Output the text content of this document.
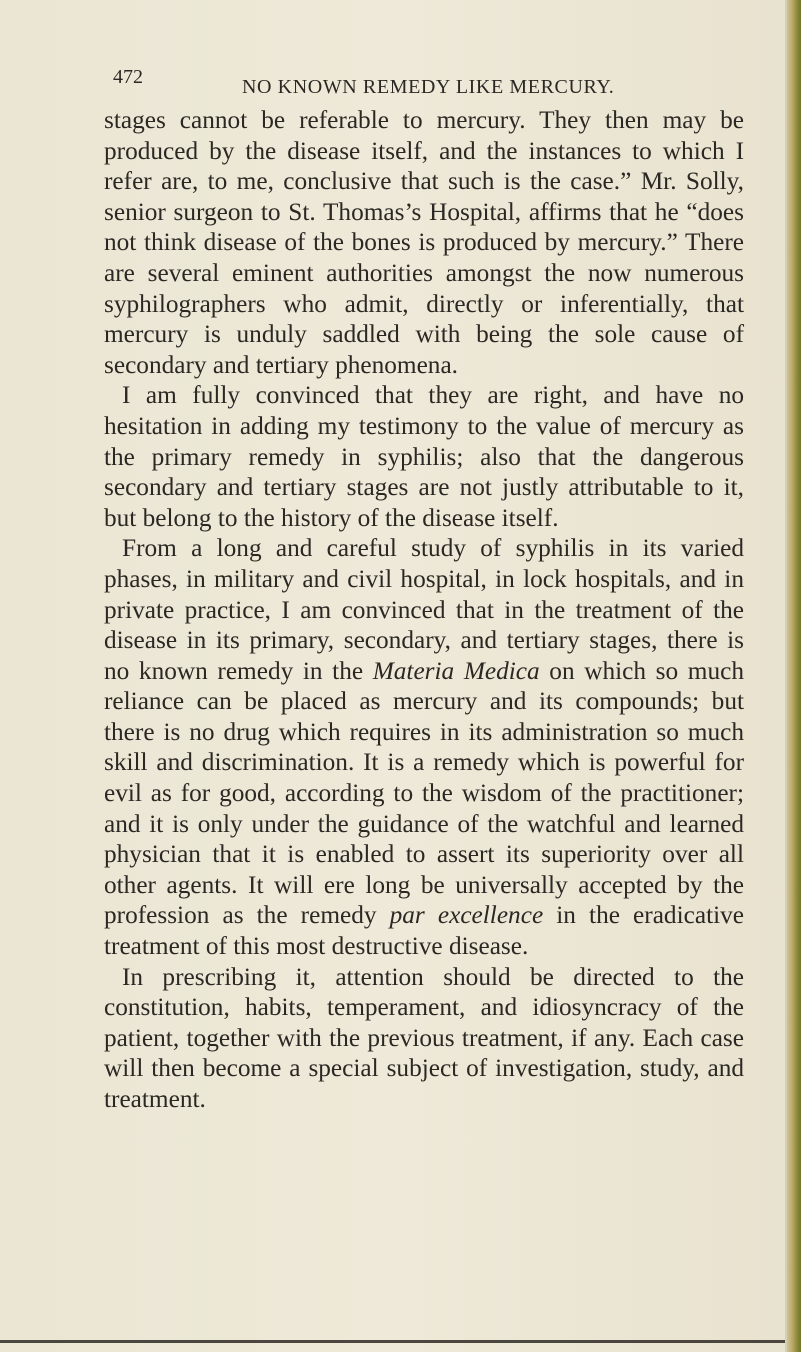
472	NO KNOWN REMEDY LIKE MERCURY.

stages cannot be referable to mercury. They then may be produced by the disease itself, and the instances to which I refer are, to me, conclusive that such is the case.” Mr. Solly, senior surgeon to St. Thomas’s Hospital, affirms that he “does not think disease of the bones is produced by mercury.” There are several eminent authorities amongst the now numerous syphilographers who admit, directly or inferentially, that mercury is unduly saddled with being the sole cause of secondary and tertiary phenomena.

I am fully convinced that they are right, and have no hesitation in adding my testimony to the value of mercury as the primary remedy in syphilis; also that the dangerous secondary and tertiary stages are not justly attributable to it, but belong to the history of the disease itself.

From a long and careful study of syphilis in its varied phases, in military and civil hospital, in lock hospitals, and in private practice, I am convinced that in the treatment of the disease in its primary, secondary, and tertiary stages, there is no known remedy in the Materia Medica on which so much reliance can be placed as mercury and its compounds; but there is no drug which requires in its administration so much skill and discrimination. It is a remedy which is powerful for evil as for good, according to the wisdom of the practitioner; and it is only under the guidance of the watchful and learned physician that it is enabled to assert its superiority over all other agents. It will ere long be universally accepted by the profession as the remedy par excellence in the eradicative treatment of this most destructive disease.

In prescribing it, attention should be directed to the constitution, habits, temperament, and idiosyncracy of the patient, together with the previous treatment, if any. Each case will then become a special subject of investigation, study, and treatment.
